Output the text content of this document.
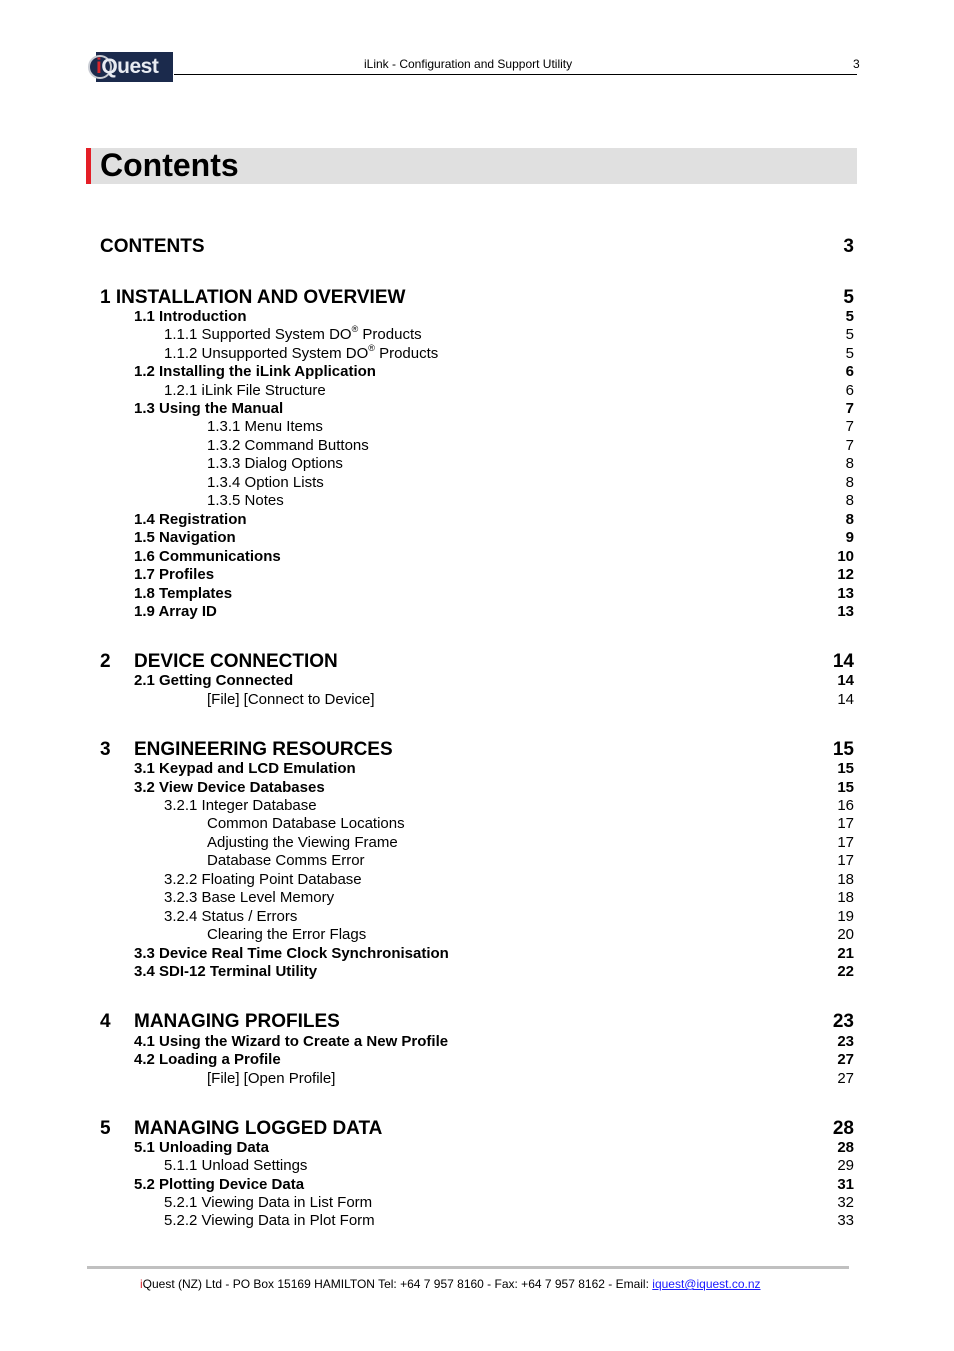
iQuest	iLink - Configuration and Support Utility	3
Contents
CONTENTS	3
1 INSTALLATION AND OVERVIEW	5
1.1 Introduction	5
1.1.1 Supported System DO® Products	5
1.1.2 Unsupported System DO® Products	5
1.2 Installing the iLink Application	6
1.2.1 iLink File Structure	6
1.3 Using the Manual	7
1.3.1 Menu Items	7
1.3.2 Command Buttons	7
1.3.3 Dialog Options	8
1.3.4 Option Lists	8
1.3.5 Notes	8
1.4 Registration	8
1.5 Navigation	9
1.6 Communications	10
1.7 Profiles	12
1.8 Templates	13
1.9 Array ID	13
2 DEVICE CONNECTION	14
2.1 Getting Connected	14
[File] [Connect to Device]	14
3 ENGINEERING RESOURCES	15
3.1 Keypad and LCD Emulation	15
3.2 View Device Databases	15
3.2.1 Integer Database	16
Common Database Locations	17
Adjusting the Viewing Frame	17
Database Comms Error	17
3.2.2 Floating Point Database	18
3.2.3 Base Level Memory	18
3.2.4 Status / Errors	19
Clearing the Error Flags	20
3.3 Device Real Time Clock Synchronisation	21
3.4 SDI-12 Terminal Utility	22
4 MANAGING PROFILES	23
4.1 Using the Wizard to Create a New Profile	23
4.2 Loading a Profile	27
[File] [Open Profile]	27
5 MANAGING LOGGED DATA	28
5.1 Unloading Data	28
5.1.1 Unload Settings	29
5.2 Plotting Device Data	31
5.2.1 Viewing Data in List Form	32
5.2.2 Viewing Data in Plot Form	33
iQuest (NZ) Ltd - PO Box 15169 HAMILTON Tel: +64 7 957 8160 - Fax: +64 7 957 8162 - Email: iquest@iquest.co.nz
